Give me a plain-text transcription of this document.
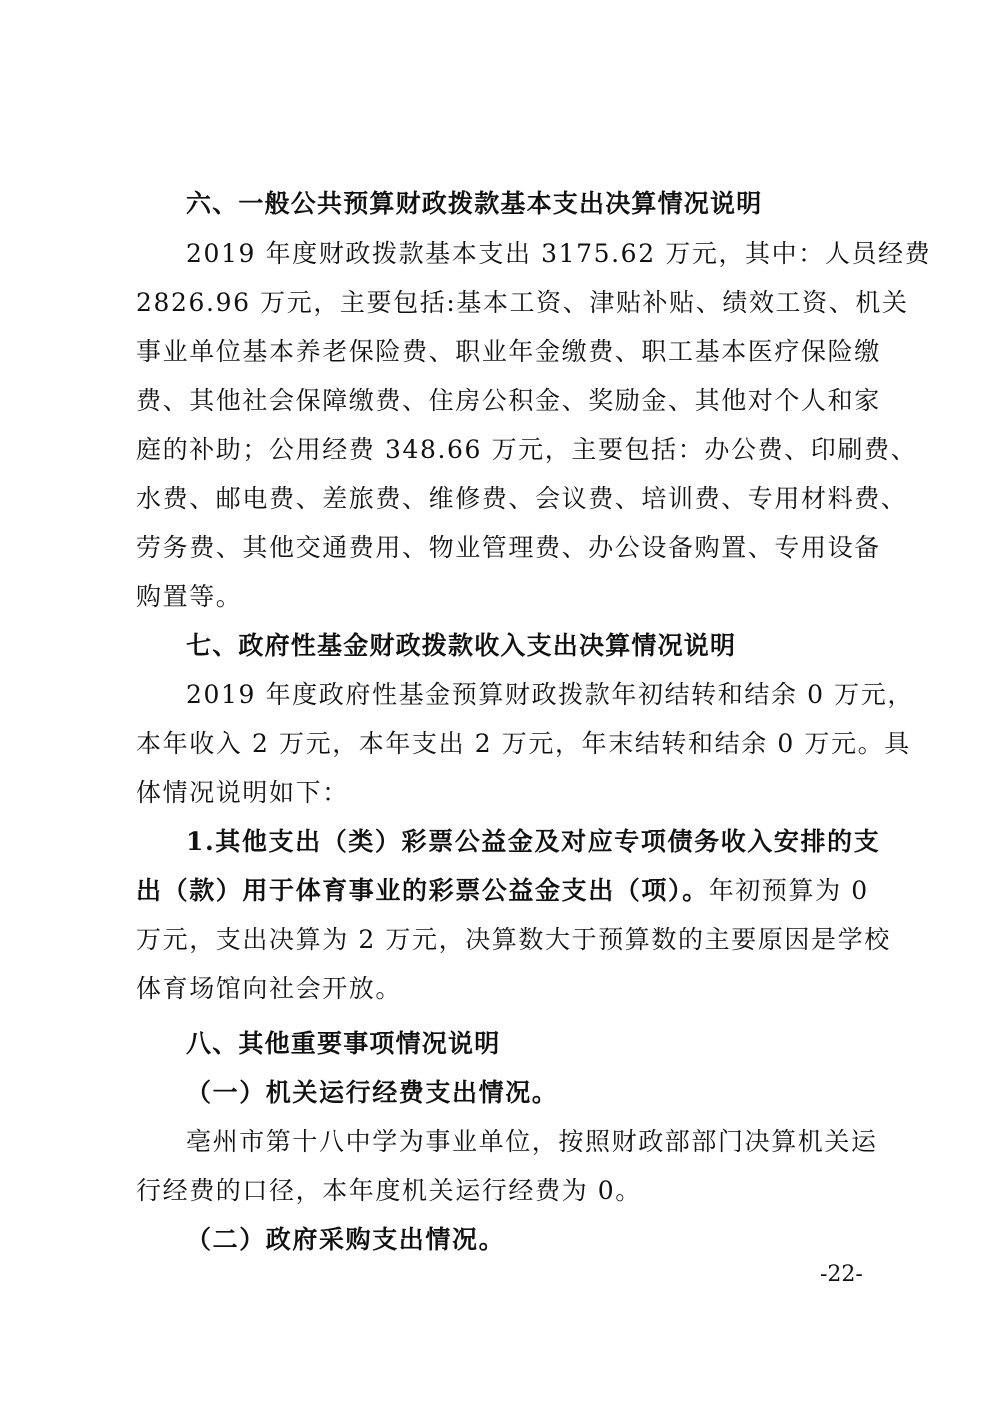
六、一般公共预算财政拨款基本支出决算情况说明
2019 年度财政拨款基本支出 3175.62 万元，其中：人员经费
2826.96 万元，主要包括:基本工资、津贴补贴、绩效工资、机关
事业单位基本养老保险费、职业年金缴费、职工基本医疗保险缴
费、其他社会保障缴费、住房公积金、奖励金、其他对个人和家
庭的补助；公用经费 348.66 万元，主要包括：办公费、印刷费、
水费、邮电费、差旅费、维修费、会议费、培训费、专用材料费、
劳务费、其他交通费用、物业管理费、办公设备购置、专用设备
购置等。
七、政府性基金财政拨款收入支出决算情况说明
2019 年度政府性基金预算财政拨款年初结转和结余 0 万元，
本年收入 2 万元，本年支出 2 万元，年末结转和结余 0 万元。具
体情况说明如下：
1.其他支出（类）彩票公益金及对应专项债务收入安排的支
出（款）用于体育事业的彩票公益金支出（项）。年初预算为 0
万元，支出决算为 2 万元，决算数大于预算数的主要原因是学校
体育场馆向社会开放。
八、其他重要事项情况说明
（一）机关运行经费支出情况。
亳州市第十八中学为事业单位，按照财政部部门决算机关运
行经费的口径，本年度机关运行经费为 0。
（二）政府采购支出情况。
-22-
